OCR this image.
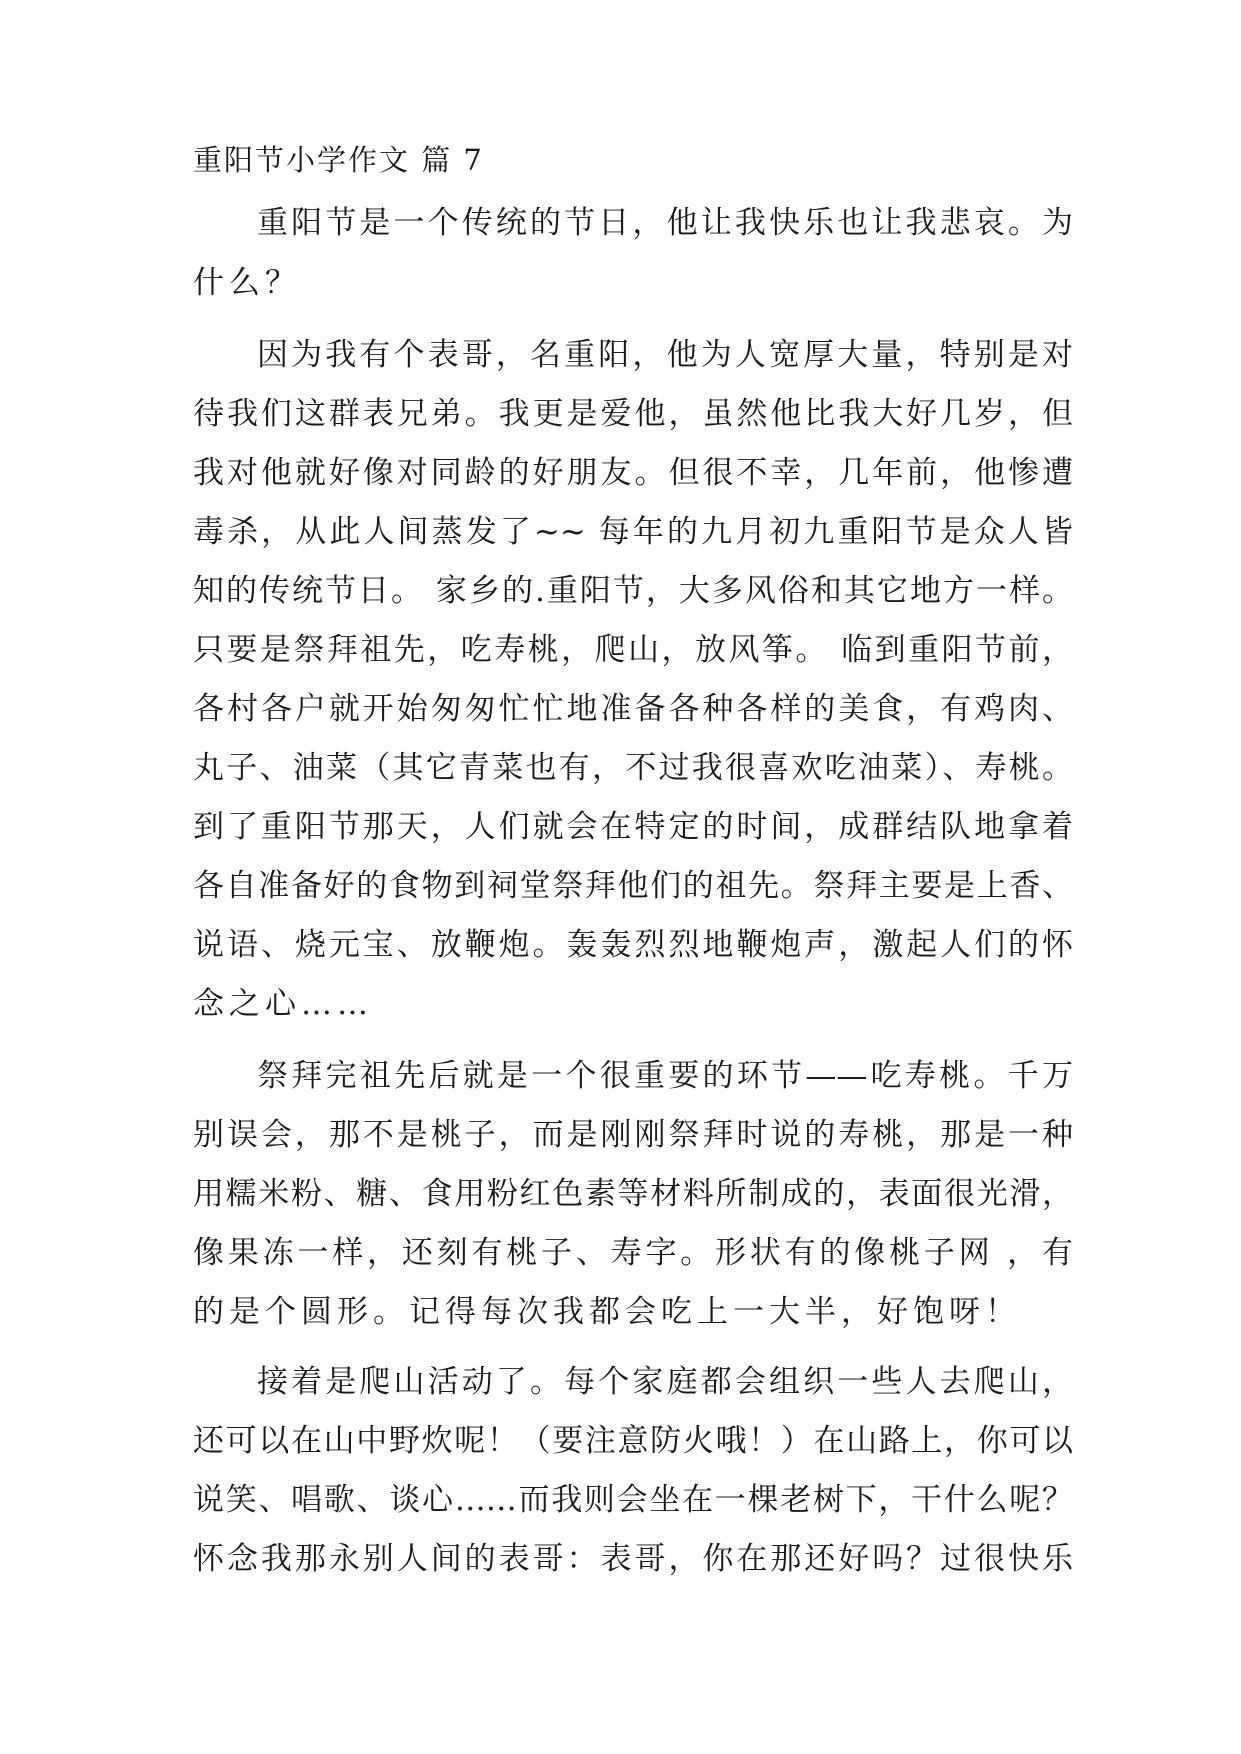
重阳节小学作文 篇 7
重阳节是一个传统的节日，他让我快乐也让我悲哀。为
什么？
因为我有个表哥，名重阳，他为人宽厚大量，特别是对
待我们这群表兄弟。我更是爱他，虽然他比我大好几岁，但
我对他就好像对同龄的好朋友。但很不幸，几年前，他惨遭
毒杀，从此人间蒸发了~~ 每年的九月初九重阳节是众人皆
知的传统节日。 家乡的.重阳节，大多风俗和其它地方一样。
只要是祭拜祖先，吃寿桃，爬山，放风筝。 临到重阳节前，
各村各户就开始匆匆忙忙地准备各种各样的美食，有鸡肉、
丸子、油菜（其它青菜也有，不过我很喜欢吃油菜）、寿桃。
到了重阳节那天，人们就会在特定的时间，成群结队地拿着
各自准备好的食物到祠堂祭拜他们的祖先。祭拜主要是上香、
说语、烧元宝、放鞭炮。轰轰烈烈地鞭炮声，激起人们的怀
念之心……
祭拜完祖先后就是一个很重要的环节——吃寿桃。千万
别误会，那不是桃子，而是刚刚祭拜时说的寿桃，那是一种
用糯米粉、糖、食用粉红色素等材料所制成的，表面很光滑，
像果冻一样，还刻有桃子、寿字。形状有的像桃子网 ，有
的是个圆形。记得每次我都会吃上一大半，好饱呀！
接着是爬山活动了。每个家庭都会组织一些人去爬山，
还可以在山中野炊呢！（要注意防火哦！）在山路上，你可以
说笑、唱歌、谈心……而我则会坐在一棵老树下，干什么呢？
怀念我那永别人间的表哥：表哥，你在那还好吗？过很快乐
